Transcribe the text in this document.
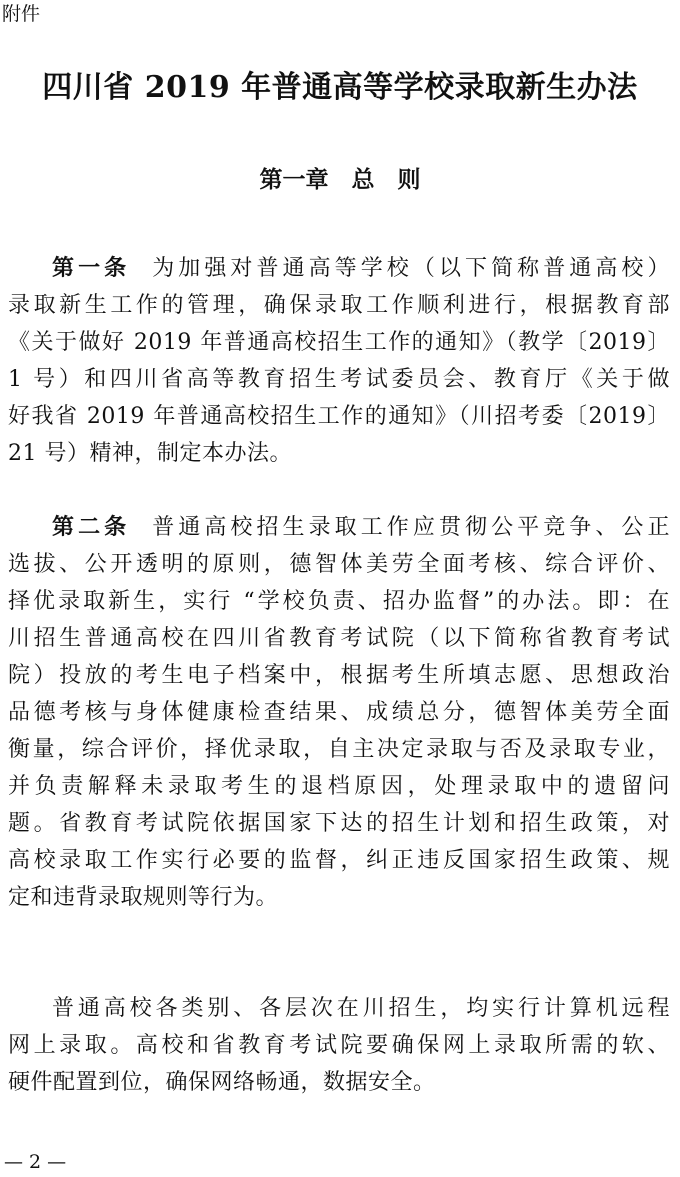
附件
四川省 2019 年普通高等学校录取新生办法
第一章　总　则
第一条 为加强对普通高等学校（以下简称普通高校）
录取新生工作的管理，确保录取工作顺利进行，根据教育部
《关于做好 2019 年普通高校招生工作的通知》（教学〔2019〕
1 号）和四川省高等教育招生考试委员会、教育厅《关于做
好我省 2019 年普通高校招生工作的通知》（川招考委〔2019〕
21 号）精神，制定本办法。
第二条 普通高校招生录取工作应贯彻公平竞争、公正
选拔、公开透明的原则，德智体美劳全面考核、综合评价、
择优录取新生，实行 “学校负责、招办监督”的办法。即：在
川招生普通高校在四川省教育考试院（以下简称省教育考试
院）投放的考生电子档案中，根据考生所填志愿、思想政治
品德考核与身体健康检查结果、成绩总分，德智体美劳全面
衡量，综合评价，择优录取，自主决定录取与否及录取专业，
并负责解释未录取考生的退档原因，处理录取中的遗留问
题。省教育考试院依据国家下达的招生计划和招生政策，对
高校录取工作实行必要的监督，纠正违反国家招生政策、规
定和违背录取规则等行为。
普通高校各类别、各层次在川招生，均实行计算机远程
网上录取。高校和省教育考试院要确保网上录取所需的软、
硬件配置到位，确保网络畅通，数据安全。
— 2 —
